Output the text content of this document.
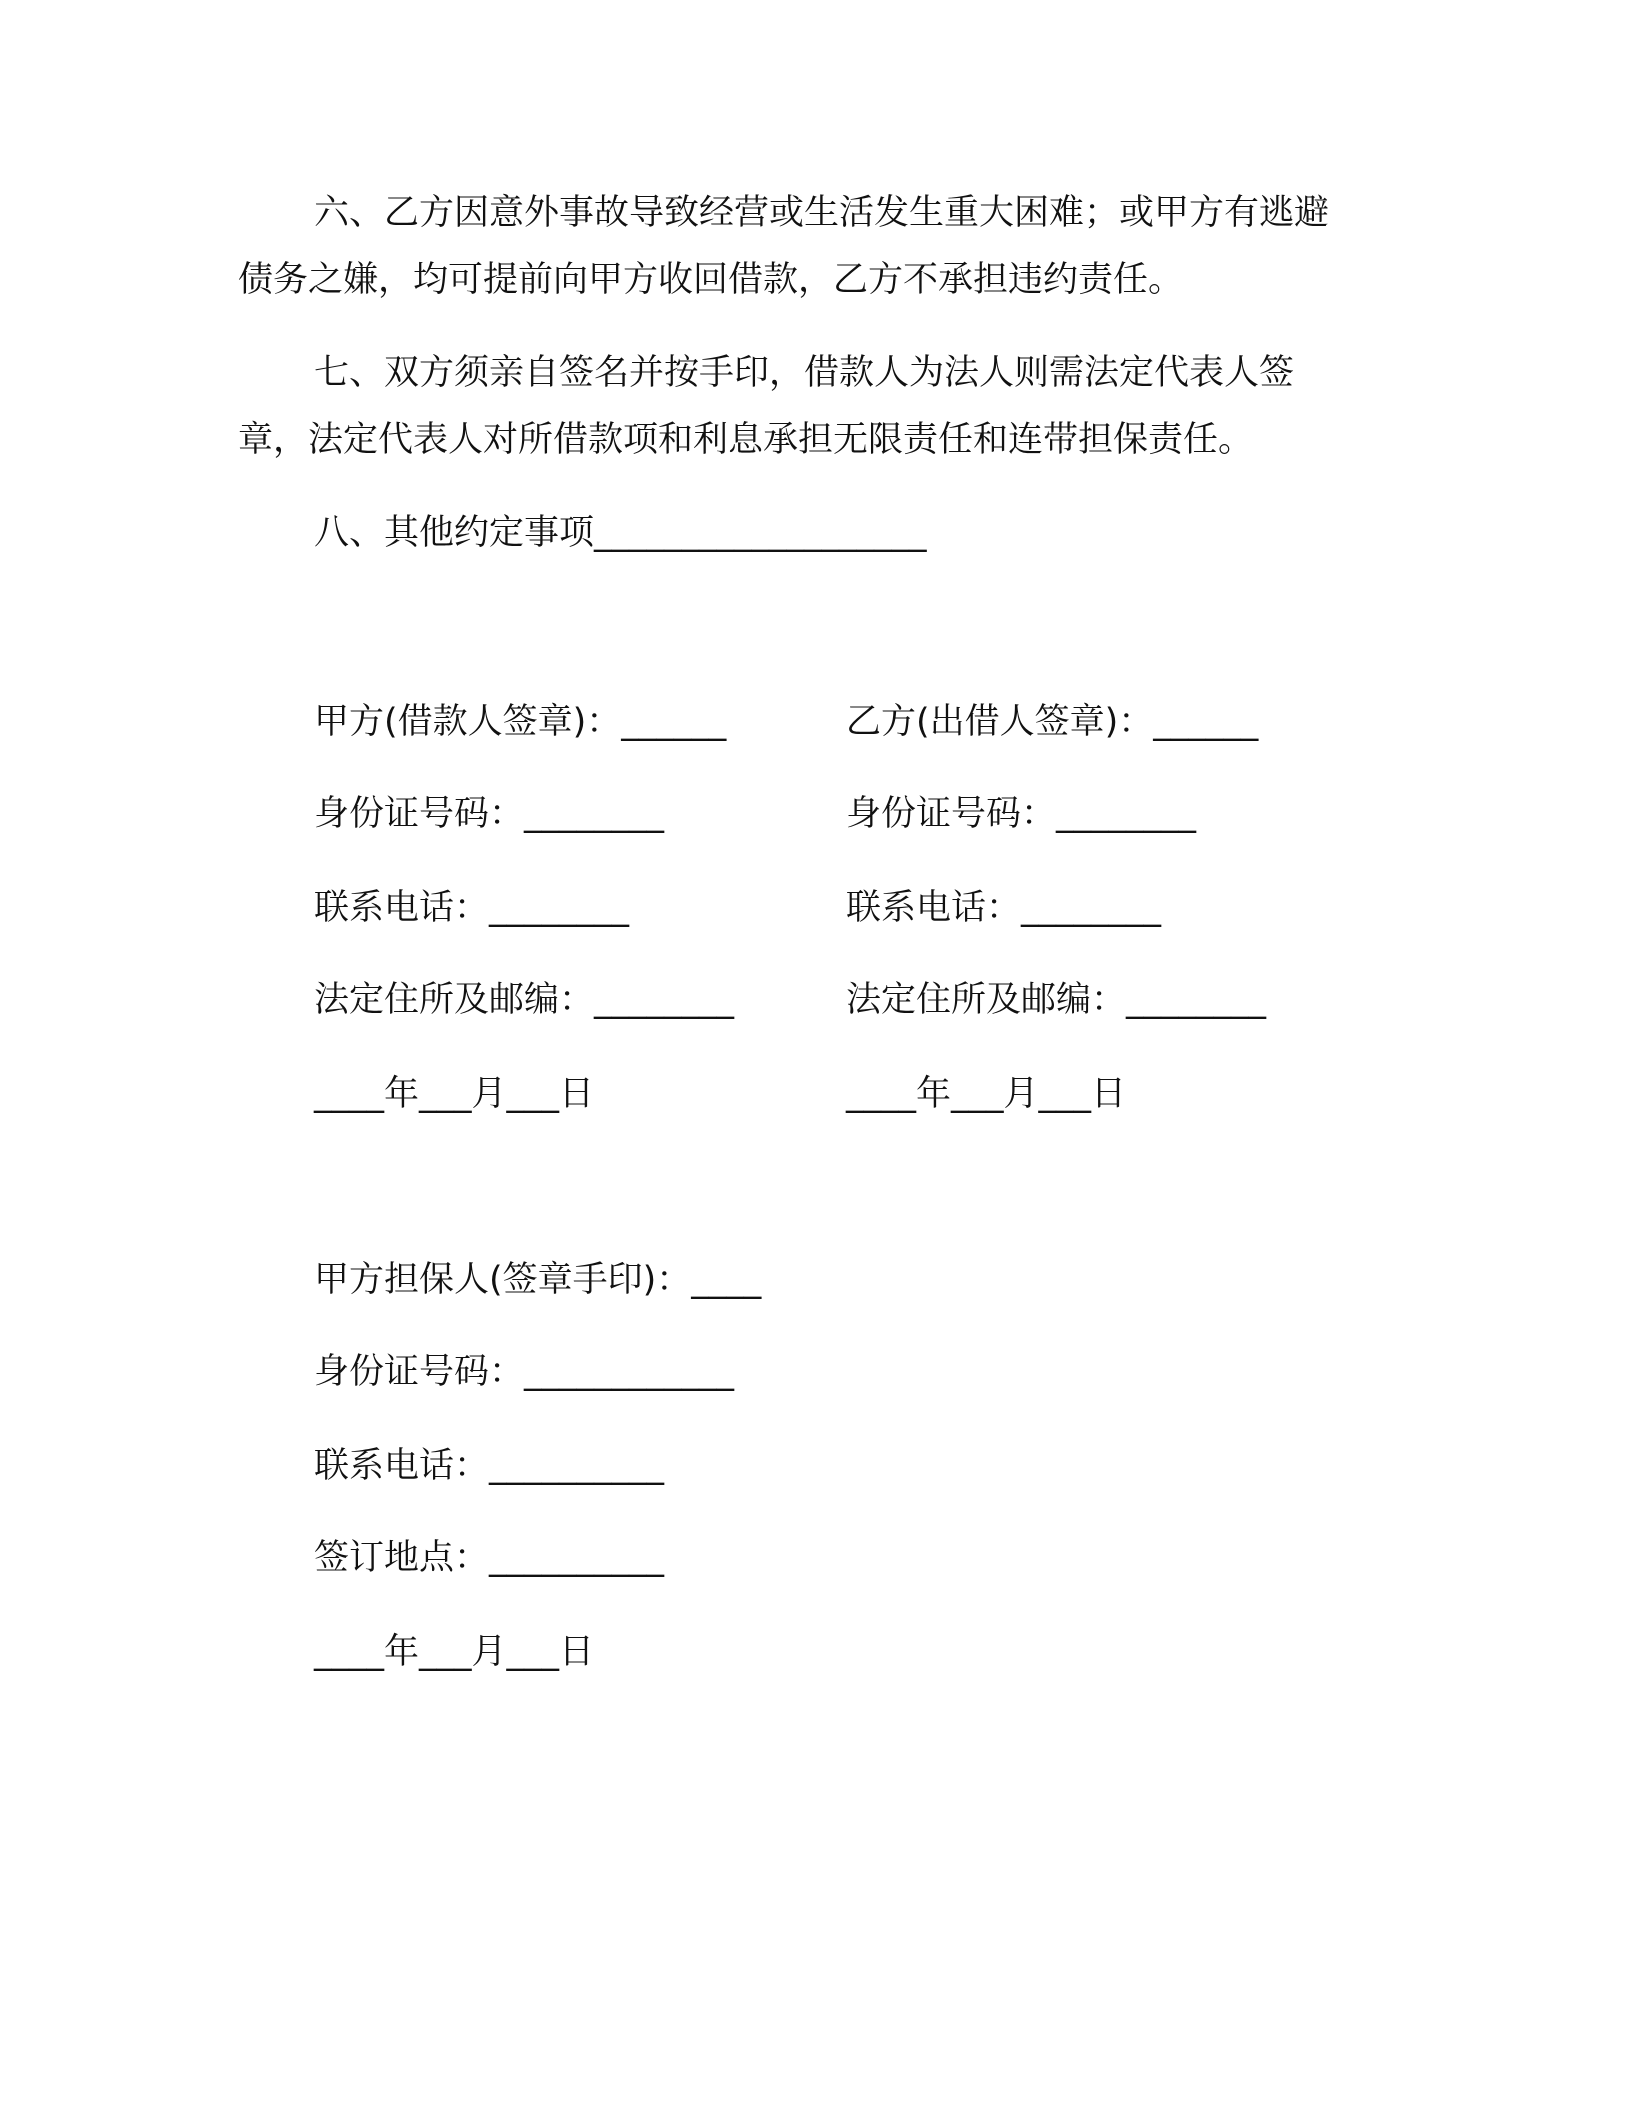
六、乙方因意外事故导致经营或生活发生重大困难；或甲方有逃避债务之嫌，均可提前向甲方收回借款，乙方不承担违约责任。

七、双方须亲自签名并按手印，借款人为法人则需法定代表人签章，法定代表人对所借款项和利息承担无限责任和连带担保责任。

八、其他约定事项___________________

甲方(借款人签章)：______	乙方(出借人签章)：______
身份证号码：________	身份证号码：________
联系电话：________	联系电话：________
法定住所及邮编：________	法定住所及邮编：________
____年___月___日	____年___月___日
甲方担保人(签章手印)：____
身份证号码：____________
联系电话：__________
签订地点：__________
____年___月___日
